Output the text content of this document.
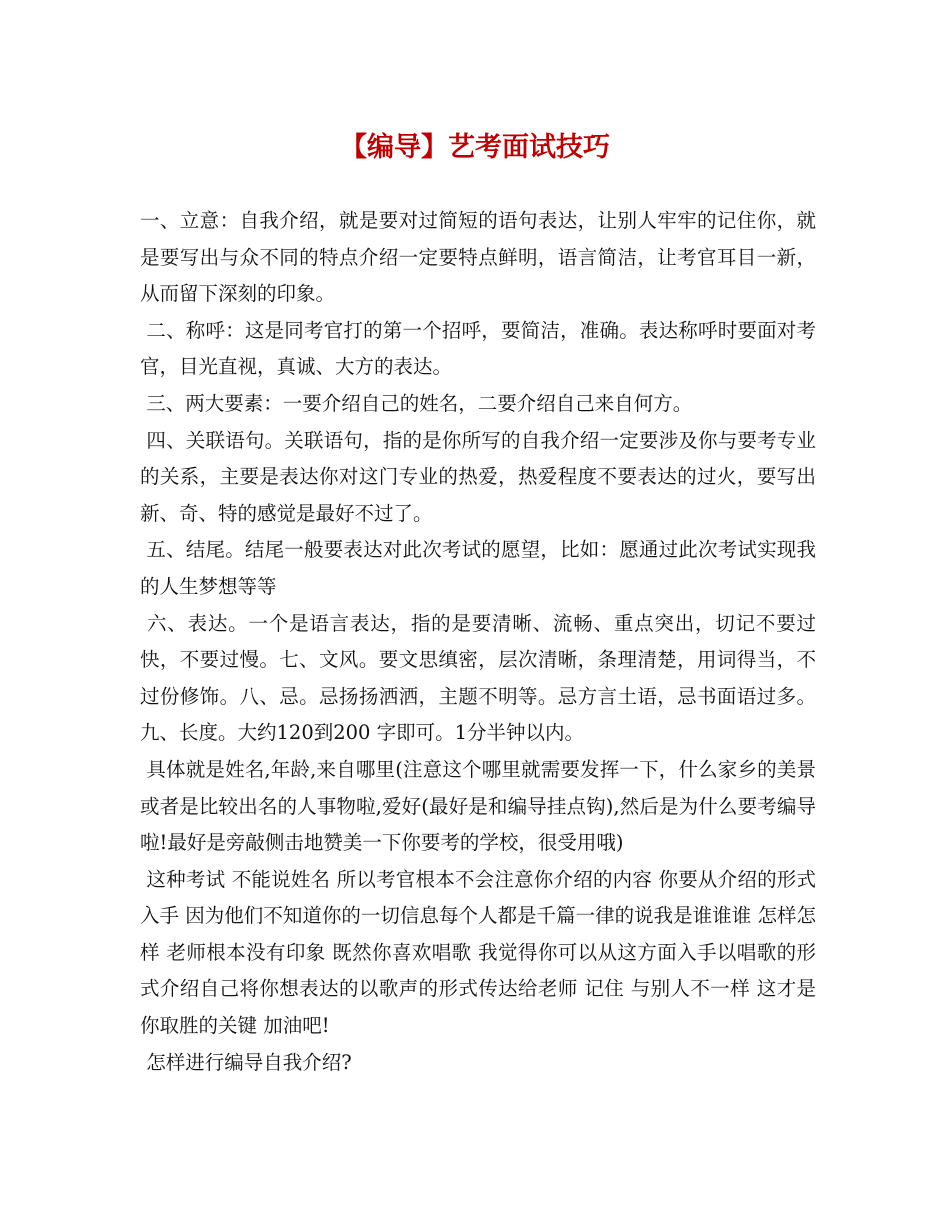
【编导】艺考面试技巧

一、立意：自我介绍，就是要对过简短的语句表达，让别人牢牢的记住你，就是要写出与众不同的特点介绍一定要特点鲜明，语言简洁，让考官耳目一新，从而留下深刻的印象。

二、称呼：这是同考官打的第一个招呼，要简洁，准确。表达称呼时要面对考官，目光直视，真诚、大方的表达。

三、两大要素：一要介绍自己的姓名，二要介绍自己来自何方。

四、关联语句。关联语句，指的是你所写的自我介绍一定要涉及你与要考专业的关系，主要是表达你对这门专业的热爱，热爱程度不要表达的过火，要写出新、奇、特的感觉是最好不过了。

五、结尾。结尾一般要表达对此次考试的愿望，比如：愿通过此次考试实现我的人生梦想等等

六、表达。一个是语言表达，指的是要清晰、流畅、重点突出，切记不要过快，不要过慢。七、文风。要文思缜密，层次清晰，条理清楚，用词得当，不过份修饰。八、忌。忌扬扬洒洒，主题不明等。忌方言土语，忌书面语过多。九、长度。大约120到200 字即可。1分半钟以内。

具体就是姓名,年龄,来自哪里(注意这个哪里就需要发挥一下，什么家乡的美景或者是比较出名的人事物啦,爱好(最好是和编导挂点钩),然后是为什么要考编导啦!最好是旁敲侧击地赞美一下你要考的学校，很受用哦)

这种考试 不能说姓名 所以考官根本不会注意你介绍的内容 你要从介绍的形式入手 因为他们不知道你的一切信息每个人都是千篇一律的说我是谁谁谁 怎样怎样 老师根本没有印象 既然你喜欢唱歌 我觉得你可以从这方面入手以唱歌的形式介绍自己将你想表达的以歌声的形式传达给老师 记住 与别人不一样 这才是你取胜的关键 加油吧!

怎样进行编导自我介绍?
